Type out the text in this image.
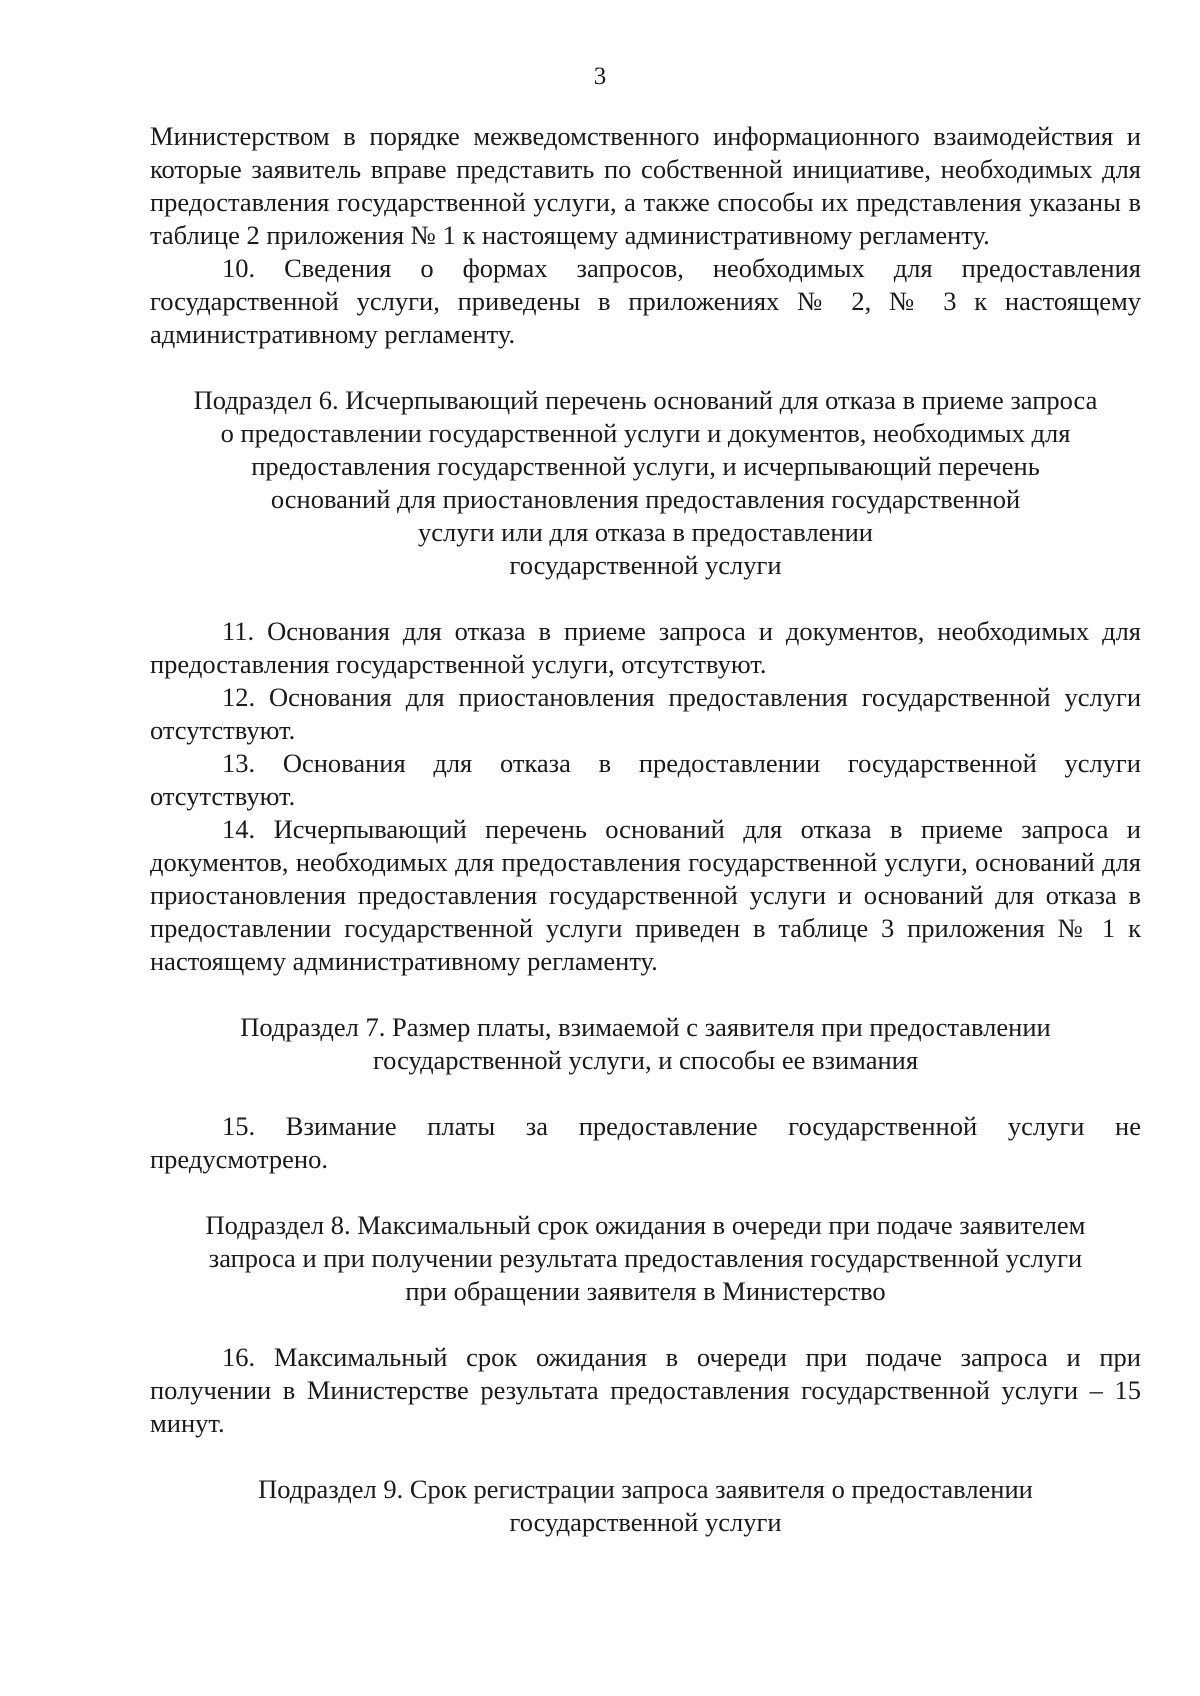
3

Министерством в порядке межведомственного информационного взаимодействия и которые заявитель вправе представить по собственной инициативе, необходимых для предоставления государственной услуги, а также способы их представления указаны в таблице 2 приложения № 1 к настоящему административному регламенту.

10. Сведения о формах запросов, необходимых для предоставления государственной услуги, приведены в приложениях № 2, № 3 к настоящему административному регламенту.

Подраздел 6. Исчерпывающий перечень оснований для отказа в приеме запроса
о предоставлении государственной услуги и документов, необходимых для
предоставления государственной услуги, и исчерпывающий перечень
оснований для приостановления предоставления государственной
услуги или для отказа в предоставлении
государственной услуги

11. Основания для отказа в приеме запроса и документов, необходимых для предоставления государственной услуги, отсутствуют.

12. Основания для приостановления предоставления государственной услуги отсутствуют.

13. Основания для отказа в предоставлении государственной услуги отсутствуют.

14. Исчерпывающий перечень оснований для отказа в приеме запроса и документов, необходимых для предоставления государственной услуги, оснований для приостановления предоставления государственной услуги и оснований для отказа в предоставлении государственной услуги приведен в таблице 3 приложения № 1 к настоящему административному регламенту.

Подраздел 7. Размер платы, взимаемой с заявителя при предоставлении
государственной услуги, и способы ее взимания

15. Взимание платы за предоставление государственной услуги не предусмотрено.

Подраздел 8. Максимальный срок ожидания в очереди при подаче заявителем
запроса и при получении результата предоставления государственной услуги
при обращении заявителя в Министерство

16. Максимальный срок ожидания в очереди при подаче запроса и при получении в Министерстве результата предоставления государственной услуги – 15 минут.

Подраздел 9. Срок регистрации запроса заявителя о предоставлении
государственной услуги
